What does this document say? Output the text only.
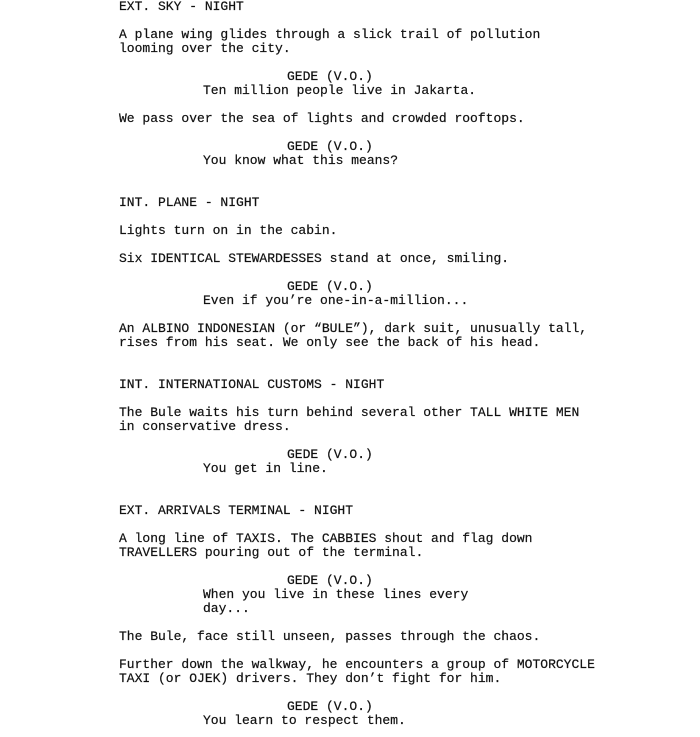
EXT. SKY - NIGHT
A plane wing glides through a slick trail of pollution
looming over the city.
GEDE (V.O.)
Ten million people live in Jakarta.
We pass over the sea of lights and crowded rooftops.
GEDE (V.O.)
You know what this means?
INT. PLANE - NIGHT
Lights turn on in the cabin.
Six IDENTICAL STEWARDESSES stand at once, smiling.
GEDE (V.O.)
Even if you’re one-in-a-million...
An ALBINO INDONESIAN (or “BULE”), dark suit, unusually tall,
rises from his seat. We only see the back of his head.
INT. INTERNATIONAL CUSTOMS - NIGHT
The Bule waits his turn behind several other TALL WHITE MEN
in conservative dress.
GEDE (V.O.)
You get in line.
EXT. ARRIVALS TERMINAL - NIGHT
A long line of TAXIS. The CABBIES shout and flag down
TRAVELLERS pouring out of the terminal.
GEDE (V.O.)
When you live in these lines every
day...
The Bule, face still unseen, passes through the chaos.
Further down the walkway, he encounters a group of MOTORCYCLE
TAXI (or OJEK) drivers. They don’t fight for him.
GEDE (V.O.)
You learn to respect them.
